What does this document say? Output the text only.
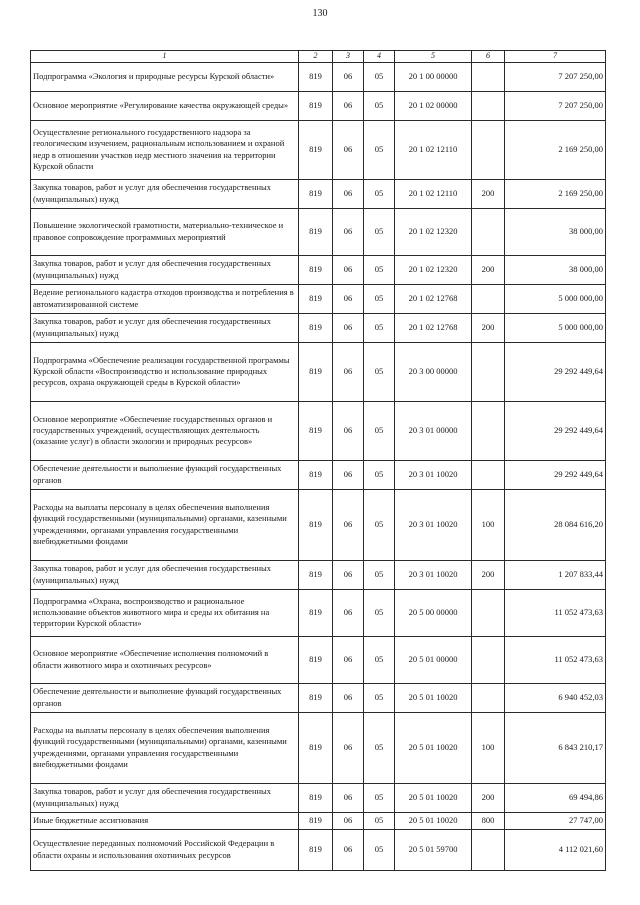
130
1	2	3	4	5	6	7
Подпрограмма «Экология и природные ресурсы Курской области»	819	06	05	20 1 00 00000		7 207 250,00
Основное мероприятие «Регулирование качества окружающей среды»	819	06	05	20 1 02 00000		7 207 250,00
Осуществление регионального государственного надзора за геологическим изучением, рациональным использованием и охраной недр в отношении участков недр местного значения на территории Курской области	819	06	05	20 1 02 12110		2 169 250,00
Закупка товаров, работ и услуг для обеспечения государственных (муниципальных) нужд	819	06	05	20 1 02 12110	200	2 169 250,00
Повышение экологической грамотности, материально-техническое и правовое сопровождение программных мероприятий	819	06	05	20 1 02 12320		38 000,00
Закупка товаров, работ и услуг для обеспечения государственных (муниципальных) нужд	819	06	05	20 1 02 12320	200	38 000,00
Ведение регионального кадастра отходов производства и потребления в автоматизированной системе	819	06	05	20 1 02 12768		5 000 000,00
Закупка товаров, работ и услуг для обеспечения государственных (муниципальных) нужд	819	06	05	20 1 02 12768	200	5 000 000,00
Подпрограмма «Обеспечение реализации государственной программы Курской области «Воспроизводство и использование природных ресурсов, охрана окружающей среды в Курской области»	819	06	05	20 3 00 00000		29 292 449,64
Основное мероприятие «Обеспечение государственных органов и государственных учреждений, осуществляющих деятельность (оказание услуг) в области экологии и природных ресурсов»	819	06	05	20 3 01 00000		29 292 449,64
Обеспечение деятельности и выполнение функций государственных органов	819	06	05	20 3 01 10020		29 292 449,64
Расходы на выплаты персоналу в целях обеспечения выполнения функций государственными (муниципальными) органами, казенными учреждениями, органами управления государственными внебюджетными фондами	819	06	05	20 3 01 10020	100	28 084 616,20
Закупка товаров, работ и услуг для обеспечения государственных (муниципальных) нужд	819	06	05	20 3 01 10020	200	1 207 833,44
Подпрограмма «Охрана, воспроизводство и рациональное использование объектов животного мира и среды их обитания на территории Курской области»	819	06	05	20 5 00 00000		11 052 473,63
Основное мероприятие «Обеспечение исполнения полномочий в области животного мира и охотничьих ресурсов»	819	06	05	20 5 01 00000		11 052 473,63
Обеспечение деятельности и выполнение функций государственных органов	819	06	05	20 5 01 10020		6 940 452,03
Расходы на выплаты персоналу в целях обеспечения выполнения функций государственными (муниципальными) органами, казенными учреждениями, органами управления государственными внебюджетными фондами	819	06	05	20 5 01 10020	100	6 843 210,17
Закупка товаров, работ и услуг для обеспечения государственных (муниципальных) нужд	819	06	05	20 5 01 10020	200	69 494,86
Иные бюджетные ассигнования	819	06	05	20 5 01 10020	800	27 747,00
Осуществление переданных полномочий Российской Федерации в области охраны и использования охотничьих ресурсов	819	06	05	20 5 01 59700		4 112 021,60
